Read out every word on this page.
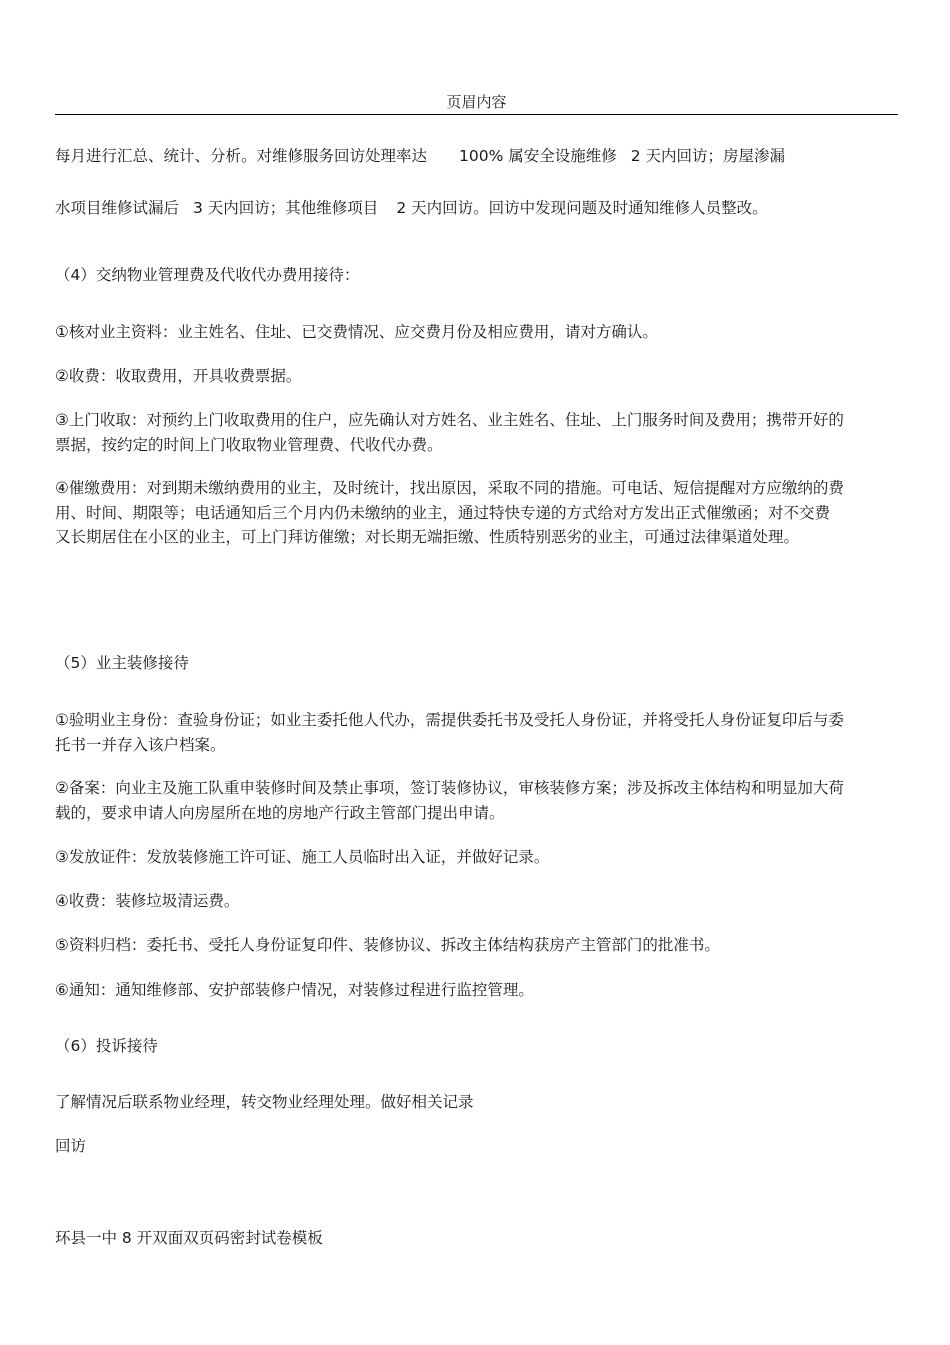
页眉内容
每月进行汇总、统计、分析。对维修服务回访处理率达 100% 属安全设施维修 2 天内回访；房屋渗漏
水项目维修试漏后 3 天内回访；其他维修项目 2 天内回访。回访中发现问题及时通知维修人员整改。
（4）交纳物业管理费及代收代办费用接待：
①核对业主资料：业主姓名、住址、已交费情况、应交费月份及相应费用，请对方确认。
②收费：收取费用，开具收费票据。
③上门收取：对预约上门收取费用的住户，应先确认对方姓名、业主姓名、住址、上门服务时间及费用；携带开好的票据，按约定的时间上门收取物业管理费、代收代办费。
④催缴费用：对到期未缴纳费用的业主，及时统计，找出原因，采取不同的措施。可电话、短信提醒对方应缴纳的费用、时间、期限等；电话通知后三个月内仍未缴纳的业主，通过特快专递的方式给对方发出正式催缴函；对不交费又长期居住在小区的业主，可上门拜访催缴；对长期无端拒缴、性质特别恶劣的业主，可通过法律渠道处理。
（5）业主装修接待
①验明业主身份：查验身份证；如业主委托他人代办，需提供委托书及受托人身份证，并将受托人身份证复印后与委托书一并存入该户档案。
②备案：向业主及施工队重申装修时间及禁止事项，签订装修协议，审核装修方案；涉及拆改主体结构和明显加大荷载的，要求申请人向房屋所在地的房地产行政主管部门提出申请。
③发放证件：发放装修施工许可证、施工人员临时出入证，并做好记录。
④收费：装修垃圾清运费。
⑤资料归档：委托书、受托人身份证复印件、装修协议、拆改主体结构获房产主管部门的批准书。
⑥通知：通知维修部、安护部装修户情况，对装修过程进行监控管理。
（6）投诉接待
了解情况后联系物业经理，转交物业经理处理。做好相关记录
回访
环县一中 8 开双面双页码密封试卷模板
